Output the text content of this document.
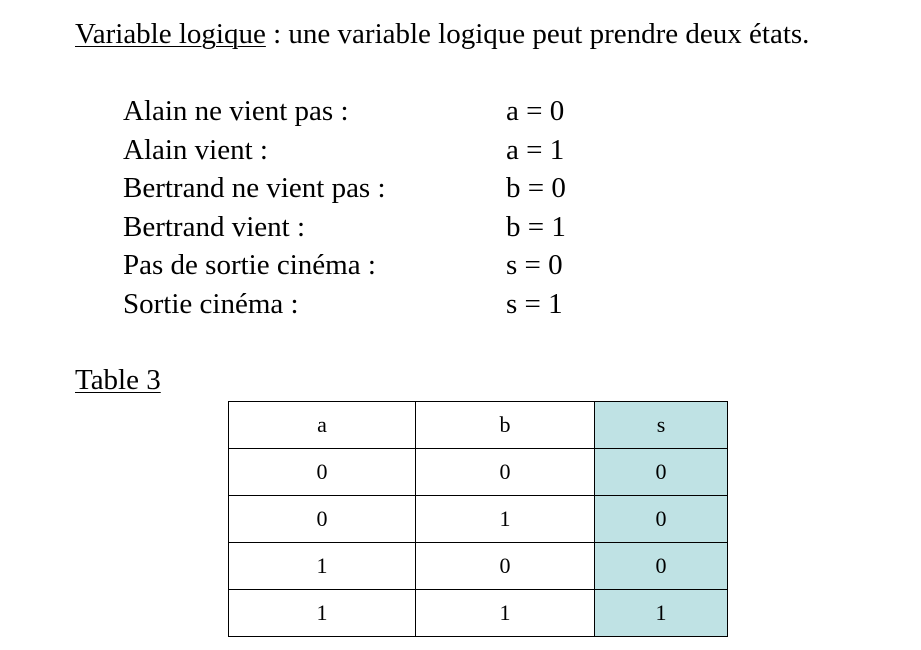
Variable logique : une variable logique peut prendre deux états.
Alain ne vient pas :	a = 0
Alain vient :	a = 1
Bertrand ne vient pas :	b = 0
Bertrand vient :	b = 1
Pas de sortie cinéma :	s = 0
Sortie cinéma :	s = 1
Table 3
a	b	s
0	0	0
0	1	0
1	0	0
1	1	1
